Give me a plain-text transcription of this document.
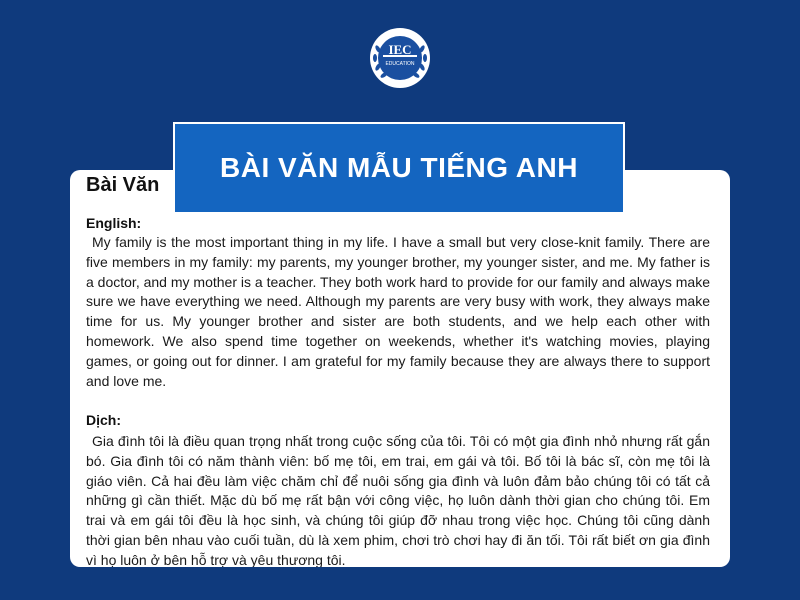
IEC
EDUCATION
Bài Văn

English:

My family is the most important thing in my life. I have a small but very close-knit family. There are five members in my family: my parents, my younger brother, my younger sister, and me. My father is a doctor, and my mother is a teacher. They both work hard to provide for our family and always make sure we have everything we need. Although my parents are very busy with work, they always make time for us. My younger brother and sister are both students, and we help each other with homework. We also spend time together on weekends, whether it's watching movies, playing games, or going out for dinner. I am grateful for my family because they are always there to support and love me.

Dịch:

Gia đình tôi là điều quan trọng nhất trong cuộc sống của tôi. Tôi có một gia đình nhỏ nhưng rất gắn bó. Gia đình tôi có năm thành viên: bố mẹ tôi, em trai, em gái và tôi. Bố tôi là bác sĩ, còn mẹ tôi là giáo viên. Cả hai đều làm việc chăm chỉ để nuôi sống gia đình và luôn đảm bảo chúng tôi có tất cả những gì cần thiết. Mặc dù bố mẹ rất bận với công việc, họ luôn dành thời gian cho chúng tôi. Em trai và em gái tôi đều là học sinh, và chúng tôi giúp đỡ nhau trong việc học. Chúng tôi cũng dành thời gian bên nhau vào cuối tuần, dù là xem phim, chơi trò chơi hay đi ăn tối. Tôi rất biết ơn gia đình vì họ luôn ở bên hỗ trợ và yêu thương tôi.

BÀI VĂN MẪU TIẾNG ANH
